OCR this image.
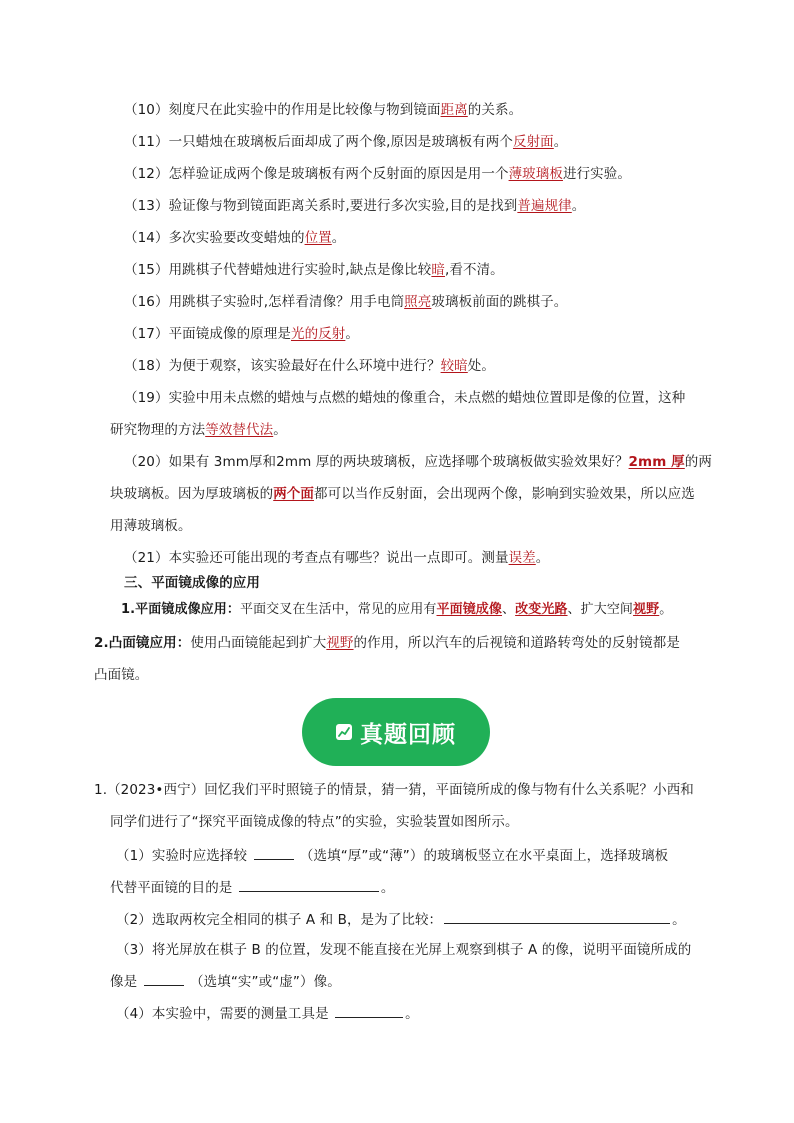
（10）刻度尺在此实验中的作用是比较像与物到镜面距离的关系。
（11）一只蜡烛在玻璃板后面却成了两个像,原因是玻璃板有两个反射面。
（12）怎样验证成两个像是玻璃板有两个反射面的原因是用一个薄玻璃板进行实验。
（13）验证像与物到镜面距离关系时,要进行多次实验,目的是找到普遍规律。
（14）多次实验要改变蜡烛的位置。
（15）用跳棋子代替蜡烛进行实验时,缺点是像比较暗,看不清。
（16）用跳棋子实验时,怎样看清像？用手电筒照亮玻璃板前面的跳棋子。
（17）平面镜成像的原理是光的反射。
（18）为便于观察，该实验最好在什么环境中进行？较暗处。
（19）实验中用未点燃的蜡烛与点燃的蜡烛的像重合，未点燃的蜡烛位置即是像的位置，这种
研究物理的方法等效替代法。
（20）如果有 3mm厚和2mm 厚的两块玻璃板，应选择哪个玻璃板做实验效果好？2mm 厚的两
块玻璃板。因为厚玻璃板的两个面都可以当作反射面，会出现两个像，影响到实验效果，所以应选
用薄玻璃板。
（21）本实验还可能出现的考查点有哪些？说出一点即可。测量误差。
三、平面镜成像的应用
1.平面镜成像应用：平面交叉在生活中，常见的应用有平面镜成像、改变光路、扩大空间视野。
2.凸面镜应用：使用凸面镜能起到扩大视野的作用，所以汽车的后视镜和道路转弯处的反射镜都是
凸面镜。
真题回顾
1.（2023•西宁）回忆我们平时照镜子的情景，猜一猜，平面镜所成的像与物有什么关系呢？小西和
同学们进行了“探究平面镜成像的特点”的实验，实验装置如图所示。
（1）实验时应选择较	（选填“厚”或“薄”）的玻璃板竖立在水平桌面上，选择玻璃板
代替平面镜的目的是	。
（2）选取两枚完全相同的棋子 A 和 B，是为了比较：	。
（3）将光屏放在棋子 B 的位置，发现不能直接在光屏上观察到棋子 A 的像，说明平面镜所成的
像是	（选填“实”或“虚”）像。
（4）本实验中，需要的测量工具是	。
